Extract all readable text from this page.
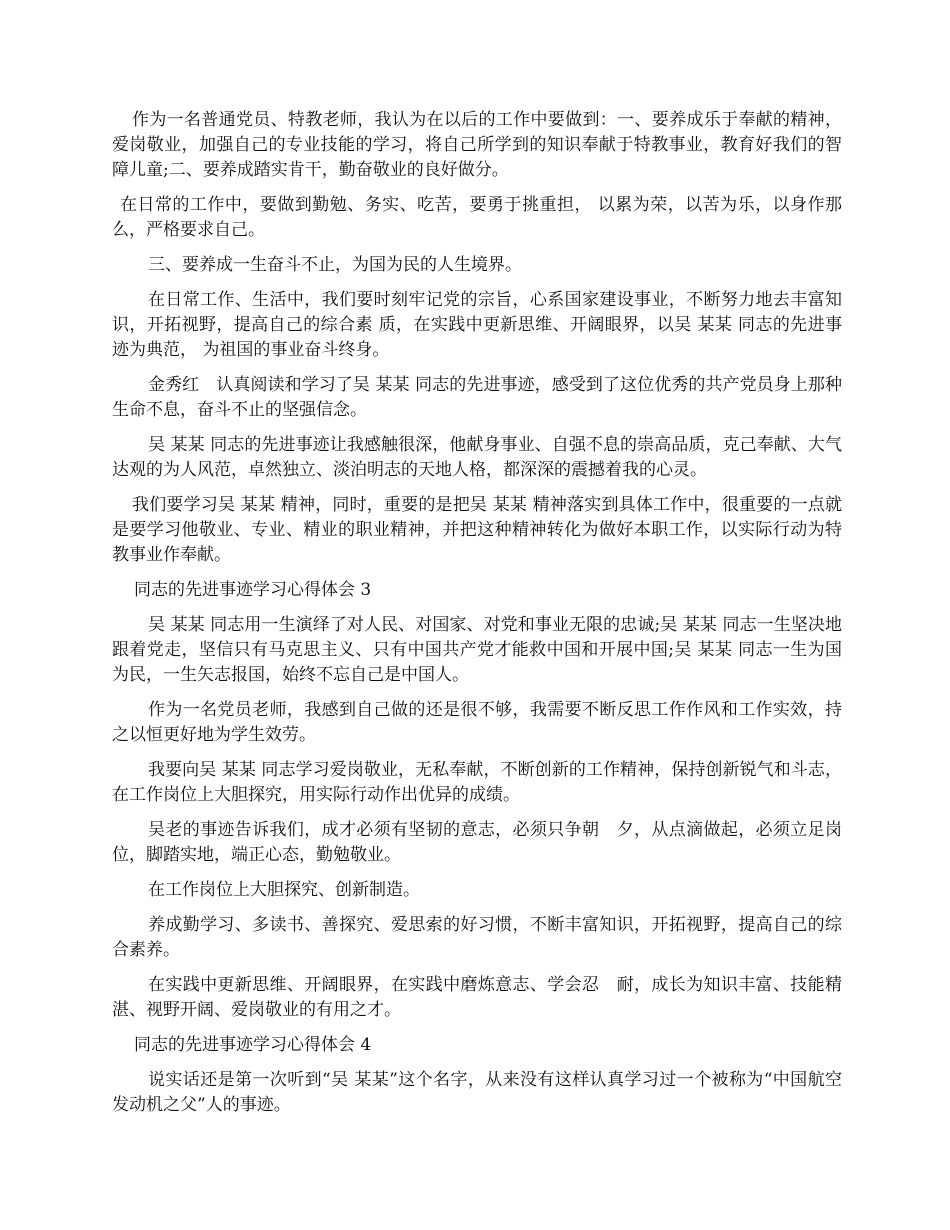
作为一名普通党员、特教老师，我认为在以后的工作中要做到：一、要养成乐于奉献的精神，爱岗敬业，加强自己的专业技能的学习，将自己所学到的知识奉献于特教事业，教育好我们的智障儿童;二、要养成踏实肯干，勤奋敬业的良好做分。

在日常的工作中，要做到勤勉、务实、吃苦，要勇于挑重担， 以累为荣，以苦为乐，以身作那么，严格要求自己。

三、要养成一生奋斗不止，为国为民的人生境界。

在日常工作、生活中，我们要时刻牢记党的宗旨，心系国家建设事业，不断努力地去丰富知识，开拓视野，提高自己的综合素 质，在实践中更新思维、开阔眼界，以吴 某某 同志的先进事迹为典范， 为祖国的事业奋斗终身。

金秀红　认真阅读和学习了吴 某某 同志的先进事迹，感受到了这位优秀的共产党员身上那种生命不息，奋斗不止的坚强信念。

吴 某某 同志的先进事迹让我感触很深，他献身事业、自强不息的崇高品质，克己奉献、大气达观的为人风范，卓然独立、淡泊明志的天地人格，都深深的震撼着我的心灵。

我们要学习吴 某某 精神，同时，重要的是把吴 某某 精神落实到具体工作中，很重要的一点就是要学习他敬业、专业、精业的职业精神，并把这种精神转化为做好本职工作，以实际行动为特教事业作奉献。

同志的先进事迹学习心得体会 3

吴 某某 同志用一生演绎了对人民、对国家、对党和事业无限的忠诚;吴 某某 同志一生坚决地跟着党走，坚信只有马克思主义、只有中国共产党才能救中国和开展中国;吴 某某 同志一生为国为民，一生矢志报国，始终不忘自己是中国人。

作为一名党员老师，我感到自己做的还是很不够，我需要不断反思工作作风和工作实效，持之以恒更好地为学生效劳。

我要向吴 某某 同志学习爱岗敬业，无私奉献，不断创新的工作精神，保持创新锐气和斗志，在工作岗位上大胆探究，用实际行动作出优异的成绩。

吴老的事迹告诉我们，成才必须有坚韧的意志，必须只争朝　夕，从点滴做起，必须立足岗位，脚踏实地，端正心态，勤勉敬业。

在工作岗位上大胆探究、创新制造。

养成勤学习、多读书、善探究、爱思索的好习惯，不断丰富知识，开拓视野，提高自己的综合素养。

在实践中更新思维、开阔眼界，在实践中磨炼意志、学会忍　耐，成长为知识丰富、技能精湛、视野开阔、爱岗敬业的有用之才。

同志的先进事迹学习心得体会 4

说实话还是第一次听到“吴 某某”这个名字，从来没有这样认真学习过一个被称为“中国航空发动机之父”人的事迹。
